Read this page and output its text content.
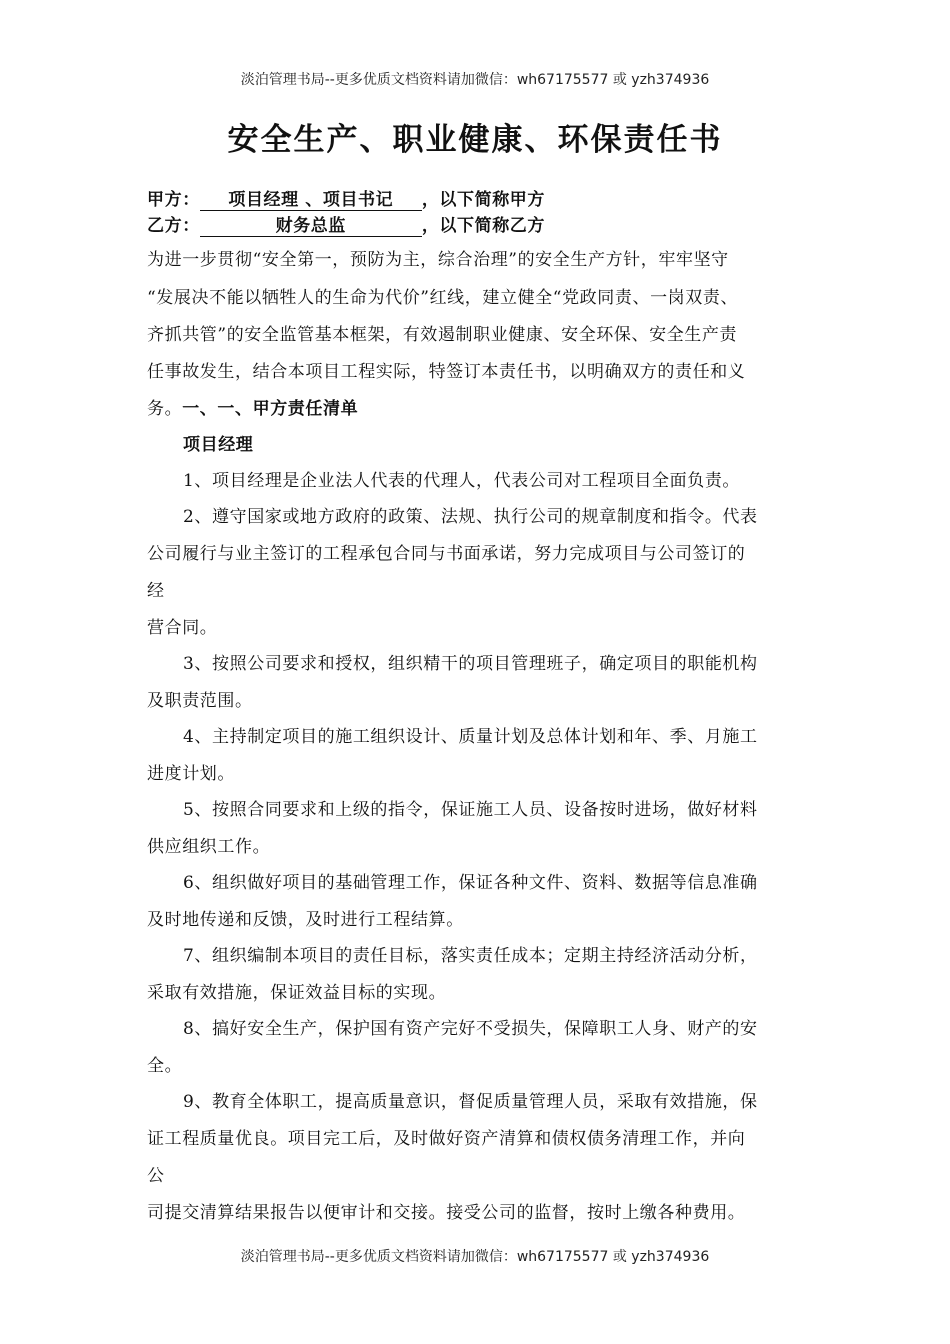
淡泊管理书局--更多优质文档资料请加微信：wh67175577 或 yzh374936
安全生产、职业健康、环保责任书
甲方： 项目经理 、项目书记 ，以下简称甲方
乙方：	财务总监	，以下简称乙方
为进一步贯彻“安全第一，预防为主，综合治理”的安全生产方针，牢牢坚守
“发展决不能以牺牲人的生命为代价”红线，建立健全“党政同责、一岗双责、
齐抓共管”的安全监管基本框架，有效遏制职业健康、安全环保、安全生产责
任事故发生，结合本项目工程实际，特签订本责任书，以明确双方的责任和义
务。一、一、甲方责任清单
项目经理
1、项目经理是企业法人代表的代理人，代表公司对工程项目全面负责。
2、遵守国家或地方政府的政策、法规、执行公司的规章制度和指令。代表
公司履行与业主签订的工程承包合同与书面承诺，努力完成项目与公司签订的
经
营合同。
3、按照公司要求和授权，组织精干的项目管理班子，确定项目的职能机构
及职责范围。
4、主持制定项目的施工组织设计、质量计划及总体计划和年、季、月施工
进度计划。
5、按照合同要求和上级的指令，保证施工人员、设备按时进场，做好材料
供应组织工作。
6、组织做好项目的基础管理工作，保证各种文件、资料、数据等信息准确
及时地传递和反馈，及时进行工程结算。
7、组织编制本项目的责任目标，落实责任成本；定期主持经济活动分析，
采取有效措施，保证效益目标的实现。
8、搞好安全生产，保护国有资产完好不受损失，保障职工人身、财产的安
全。
9、教育全体职工，提高质量意识，督促质量管理人员，采取有效措施，保
证工程质量优良。项目完工后，及时做好资产清算和债权债务清理工作，并向
公
司提交清算结果报告以便审计和交接。接受公司的监督，按时上缴各种费用。
淡泊管理书局--更多优质文档资料请加微信：wh67175577 或 yzh374936
